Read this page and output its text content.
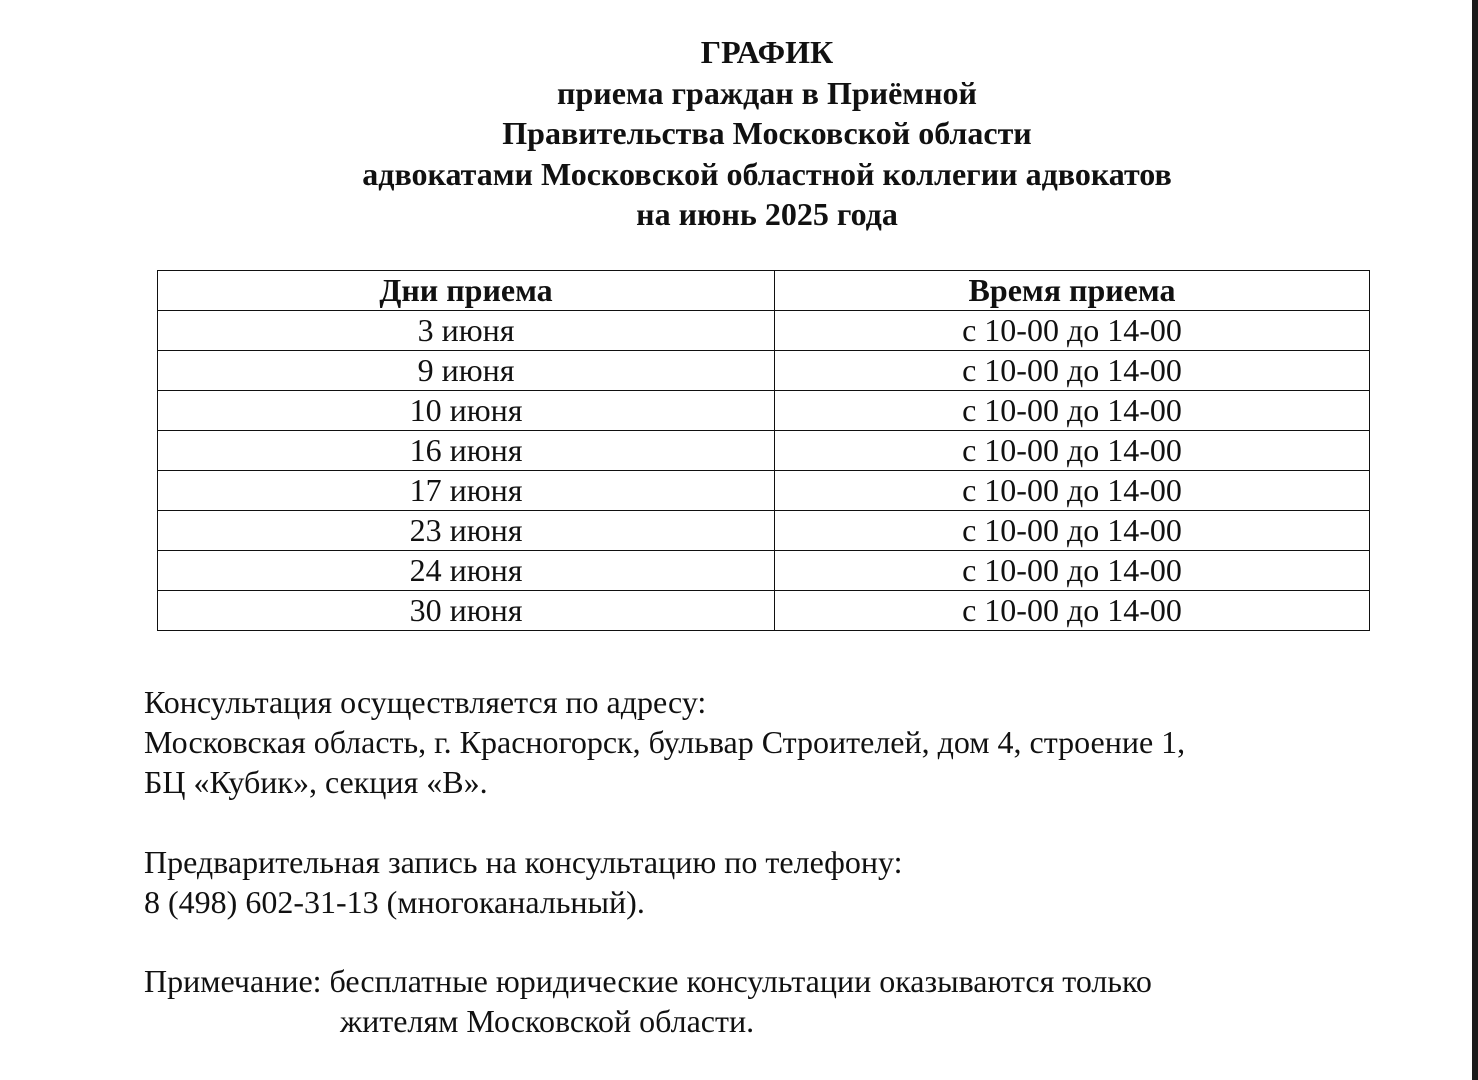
ГРАФИК
приема граждан в Приёмной
Правительства Московской области
адвокатами Московской областной коллегии адвокатов
на июнь 2025 года
Дни приема	Время приема
3 июня	с 10-00 до 14-00
9 июня	с 10-00 до 14-00
10 июня	с 10-00 до 14-00
16 июня	с 10-00 до 14-00
17 июня	с 10-00 до 14-00
23 июня	с 10-00 до 14-00
24 июня	с 10-00 до 14-00
30 июня	с 10-00 до 14-00
Консультация осуществляется по адресу:
Московская область, г. Красногорск, бульвар Строителей, дом 4, строение 1,
БЦ «Кубик», секция «В».
Предварительная запись на консультацию по телефону:
8 (498) 602-31-13 (многоканальный).
Примечание: бесплатные юридические консультации оказываются только
жителям Московской области.
